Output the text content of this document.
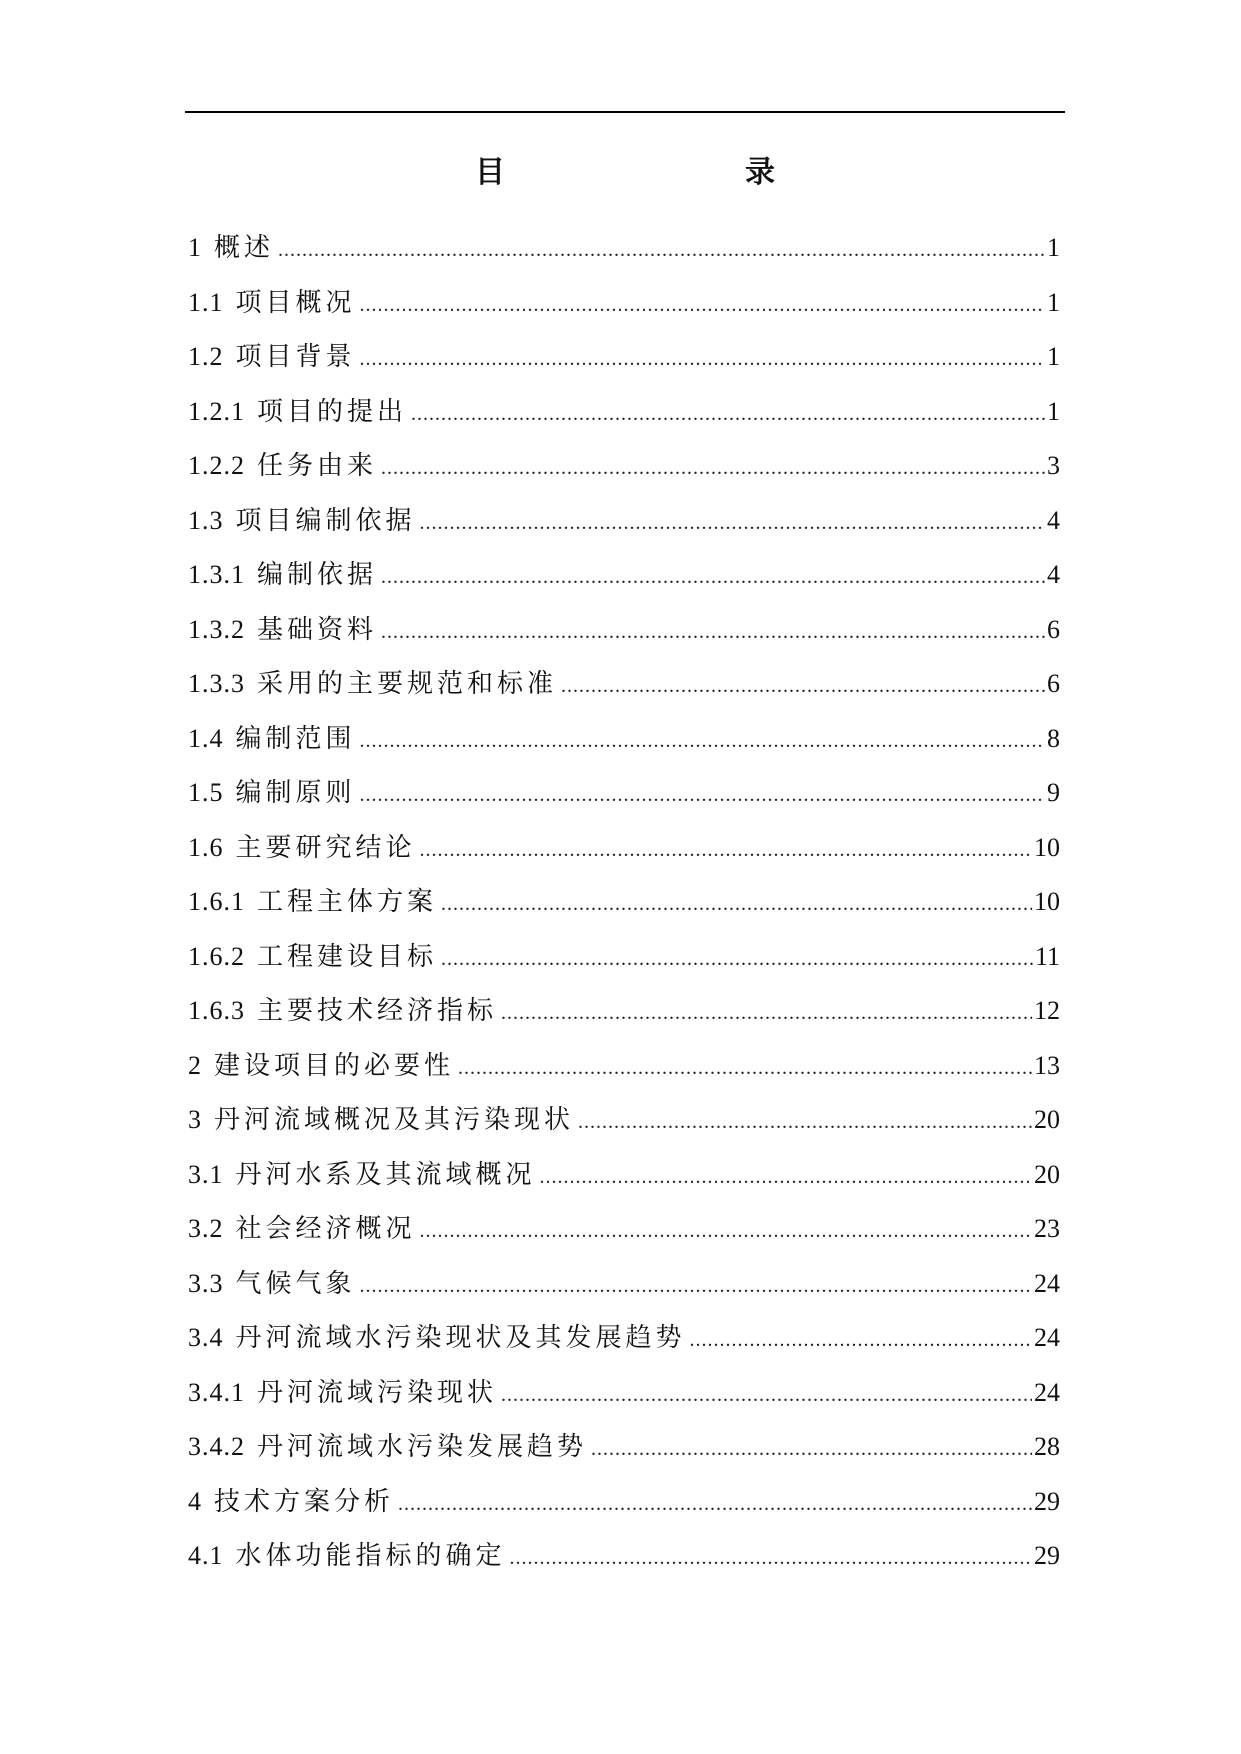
目　　录
1 概述 .....	1
1.1 项目概况 .....	1
1.2 项目背景 .....	1
1.2.1 项目的提出 .....	1
1.2.2 任务由来 .....	3
1.3 项目编制依据 .....	4
1.3.1 编制依据 .....	4
1.3.2 基础资料 .....	6
1.3.3 采用的主要规范和标准 .....	6
1.4 编制范围 .....	8
1.5 编制原则 .....	9
1.6 主要研究结论 .....	10
1.6.1 工程主体方案 .....	10
1.6.2 工程建设目标 .....	11
1.6.3 主要技术经济指标 .....	12
2 建设项目的必要性 .....	13
3 丹河流域概况及其污染现状 .....	20
3.1 丹河水系及其流域概况 .....	20
3.2 社会经济概况 .....	23
3.3 气候气象 .....	24
3.4 丹河流域水污染现状及其发展趋势 .....	24
3.4.1 丹河流域污染现状 .....	24
3.4.2 丹河流域水污染发展趋势 .....	28
4 技术方案分析 .....	29
4.1 水体功能指标的确定 .....	29
